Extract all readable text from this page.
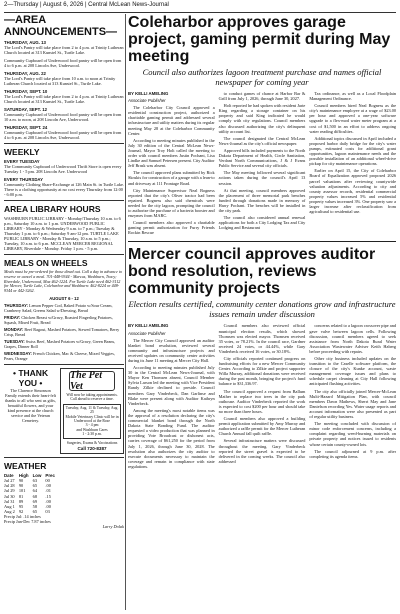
2—Thursday | August 6, 2026 | Central McLean News-Journal
—AREA ANNOUNCEMENTS—
THURSDAY, AUG. 13
The Lord's Pantry will take place from 2 to 4 p.m. at Trinity Lutheran Church located at 313 Kunstel St., Turtle Lake.
Community Cupboard of Underwood food pantry will be open from 4 to 6 p.m. at 208 Lincoln Ave, Underwood.
THURSDAY, AUG. 22
The Lord's Pantry will take place from 10 a.m. to noon at Trinity Lutheran Church located at 313 Kunstel St., Turtle Lake.
THURSDAY, SEPT. 10
The Lord's Pantry will take place from 2 to 4 p.m. at Trinity Lutheran Church located at 313 Kunstel St., Turtle Lake.
SATURDAY, SEPT. 12
Community Cupboard of Underwood food pantry will be open from 10 a.m. to noon, at 208 Lincoln Ave, Underwood.
THURSDAY, SEPT. 24
Community Cupboard of Underwood food pantry will be open from 4 to 6 p.m. at 208 Lincoln Ave, Underwood.
WEEKLY
EVERY TUESDAY
The Community Cupboard of Underwood Thrift Store is open every Tuesday 1 - 5 pm. 208 Lincoln Ave. Underwood
EVERY THURSDAY
Community Clothing Share-Exchange at 126 Main St. in Turtle Lake. There is a clothing opportunity at no cost every Thursday from 12:00 - 6:00 p.m.
AREA LIBRARY HOURS
WASHBURN PUBLIC LIBRARY - Monday/Thursday 10 a.m. to 6 p.m., Saturday 10 a.m. to 1 p.m. UNDERWOOD PUBLIC LIBRARY - Monday & Wednesday 9 a.m. to 7 p.m.; Tuesday & Thursday 1 p.m. to 6 p.m.; Saturday 9 am-12 pm. TURTLE LAKE PUBLIC LIBRARY - Monday & Thursday, 10 a.m. to 5 p.m.; Tuesday, 10 a.m. to 6 p.m. MCCLEAN MERCER REGIONAL LIBRARY, Riverdale - Monday. Friday 1 p.m. - 5 p.m.
MEALS ON WHEELS
Meals must be pre-ordered for those dined out. Call a day in advance to reserve or cancel a meal. 701-448-9344 - Marcus, Washburn, Tracy; Riverdale, Underwood, Max 462-1224. For Turtle Lake need 462-3112 for Mercer, Turtle Lake, Coleharbor and Washburn: 462-8224 or 448-9344 or 442-3262.
AUGUST 6 - 12
THURSDAY: Lemon Pepper Cod, Baked Potato w/Sour Cream, Cranberry Salad, Greens Salad w/Dressing, Bread
FRIDAY: Chicken Breast w/Gravy, Roasted Fingerling Potatoes, Squash, Mixed Fruit, Bread
MONDAY: Beef Ragout, Mashed Potatoes, Stewed Tomatoes, Berry Crisp, Bread
TUESDAY: Swiss Beef, Mashed Potatoes w/Gravy, Green Beans, Grapes, Dinner Roll
WEDNESDAY: French Chicken, Mac & Cheese, Mixed Veggies, Pears, Orange
• THANK YOU •
The Clarence Simonson Family extends their heart-felt thanks to all who sent us gifts, beautiful flowers, and your kind presence at the church service and the Veteran Cemetery.
The Pet Vet
Will now be taking appointments. Call ahead to reserve a time.
Tuesday, Aug. 11 & Tuesday, Aug. 25
Mobile Veterinary Clinic will be in Underwood at the Rose
3 - 4 pm
and Washburn Cares
1 - 2:30 p.m.
Surgeries, Exams & Vaccinations
Call 720-8387
WEATHER
Date	High	Low	Prec
Jul 27	90	63	00
Jul 28	90	65	.00
Jul 29	101	64	.01
Jul 30	81	68	.15
Jul 31	89	69	.00
Aug 1	95	58	.00
Aug 2	92	65	03
Precip Jul: .14 inches
Precip Jan-Dec 7.87 inches
Larry Dolak
Coleharbor approves garage project, gaming permit during May meeting
Council also authorizes lagoon treatment purchase and names official newspaper for coming year
BY KELLI AMELING
Associate Publisher

The Coleharbor City Council approved a residential construction project, authorized a charitable gaming permit and addressed several infrastructure and utility matters during its regular meeting May 28 at the Coleharbor Community Center.

According to meeting minutes published in the July 30 edition of the Central McLean News-Journal, Mayor Troy Holt called the meeting to order with council members Justin Pochant, Lisa Lindke and Samuel Petersen present. City Auditor Jeff Brask was absent.

The council approved plans submitted by Rick Skrukis for construction of a garage with a lean-to and driveway at 111 Frontage Road.

City Maintenance Supervisor Neal Bogness reported that the city's Oliver tractor had been repaired. Bogness also said chemicals were needed for the city lagoon, prompting the council to authorize the purchase of a bacteria booster and enzymes from MARC.

Council members also approved a charitable gaming permit authorization for Furry Friends Rockin Rescue

to conduct games of chance at Harbor Bar & Grill from July 1, 2026, through June 30, 2027.

Holt reported he had spoken with resident Jarie King regarding a storage container on his property and said King indicated he would comply with city regulations. Council members also discussed authorizing the city's delinquent utility account list.

The council designated the Central McLean News-Journal as the city's official newspaper.

Approved bills included payments to the North Dakota Department of Health, Circle Sanitation, Verdant North Communications, J & J Evans Public Service and several city officials.

The May meeting followed several significant actions taken during the council's April 13 session.

At that meeting, council members approved the placement of three memorial park benches funded through donations made in memory of Harry Pochant. The benches will be installed in the city park.

The council also considered annual renewal applications for both a City Lodging Tax and City Lodging and Restaurant

Tax ordinance, as well as a Local Floodplain Management Ordinance.

Council members hired Neal Bogness as the city's maintenance employee at a wage of $23.00 per hour and approved a one-year software upgrade to a flex-mod water meter program at a cost of $1,500 in an effort to address ongoing water reading difficulties.

Additional topics discussed in April included a proposed harbor daily bridge for the city's water pumps, estimated costs for additional grant opportunities, lagoon maintenance needs and the possible installation of an additional wheel-drive pickup for city maintenance operations.

Earlier on April 15, the City of Coleharbor Board of Equalization approved proposed 2026 parcel valuations after reviewing countywide valuation adjustments. According to city and county assessor records, residential commercial property values increased 5% and residential property values increased 3%. One property saw a larger increase after reclassification from agricultural to residential use.

Mercer council approves auditor bond resolution, reviews community projects
Election results certified, community center donations grow and infrastructure issues remain under discussion
BY KELLI AMELING
Associate Publisher

The Mercer City Council approved an auditor blanket bond resolution, reviewed several community and infrastructure projects and received updates on community center activities during its June 11 meeting at Mercer City Hall.

According to meeting minutes published July 30 in the Central McLean News-Journal, with Mayor Ken Thomsen absent, Council Member Sylvia Larson led the meeting with Vice President Randy Zilkie declined to preside. Council members Gary Vinderbeck, Dan Garlinse and Blake were present along with Auditor Kathryn Vinderbeck.

Among the meeting's most notable items was the approval of a resolution declaring the city's commercial blanket bond through the North Dakota State Bonding Fund. The auditor requested a video production that was planned in providing Vote Broadcast or dishonest acts, carries coverage of $61,250 for the period from July 1, 2026, through June 30, 2028. The resolution also authorizes the city auditor to execute documents necessary to maintain the coverage and remain in compliance with state regulations.

Council members also reviewed official municipal election results, which showed Thomsen was elected mayor. Thomsen received 35 votes, or 78.21%. In the council race, Gardner received 24 votes, or 44.44%, while Gary Vinderbeck received 16 votes, or 30.18%.

City officials reported continued progress on fundraising efforts for a new Mercer Community Center. According to Zilkie and project supporter Willa Murray, additional donations were received during the past month, bringing the project's fund balance to $31,336.97.

The council approved a request from Ballum Mather to replace two trees in the city park outhouse. Auditor Vinderbeck reported the work is expected to cost $200 per hour and should take no more than three hours.

Council members also approved a building permit application submitted by Amy Murray and authorized a raffle permit for the Mercer Lutheran Church Annual fall quilt raffle.

Several infrastructure matters were discussed throughout the meeting. Gary Vinderbeck reported the street gravel is expected to be delivered in the coming weeks. The council also addressed

concerns related to a lagoon crossover pipe and gave valve between lagoon cells. Following discussion, council members agreed to seek assistance from North Dakota Rural Water Association Wastewater Adviser Keith Haberg before proceeding with repairs.

Other city business included updates on the transition to the Caselle software platform, the closure of the city's Kunke account, waste management coverage issues and plans to schedule carpet cleaning at City Hall following anticipated flushing activities.

The city also officially joined Mercer-McLean Multi-Hazard Mitigation Plan, with council members Dawn Mathews, Sherri May and Jane Danielson recording Yes. Water usage reports and account information were also presented as part of regular utility business.

The meeting concluded with discussion of minor code enforcement concerns, including a complaint regarding weed-burning materials on private property and notices issued to residents whose certain county-owned lots.

The council adjourned at 9 p.m. after completing its agenda items.
